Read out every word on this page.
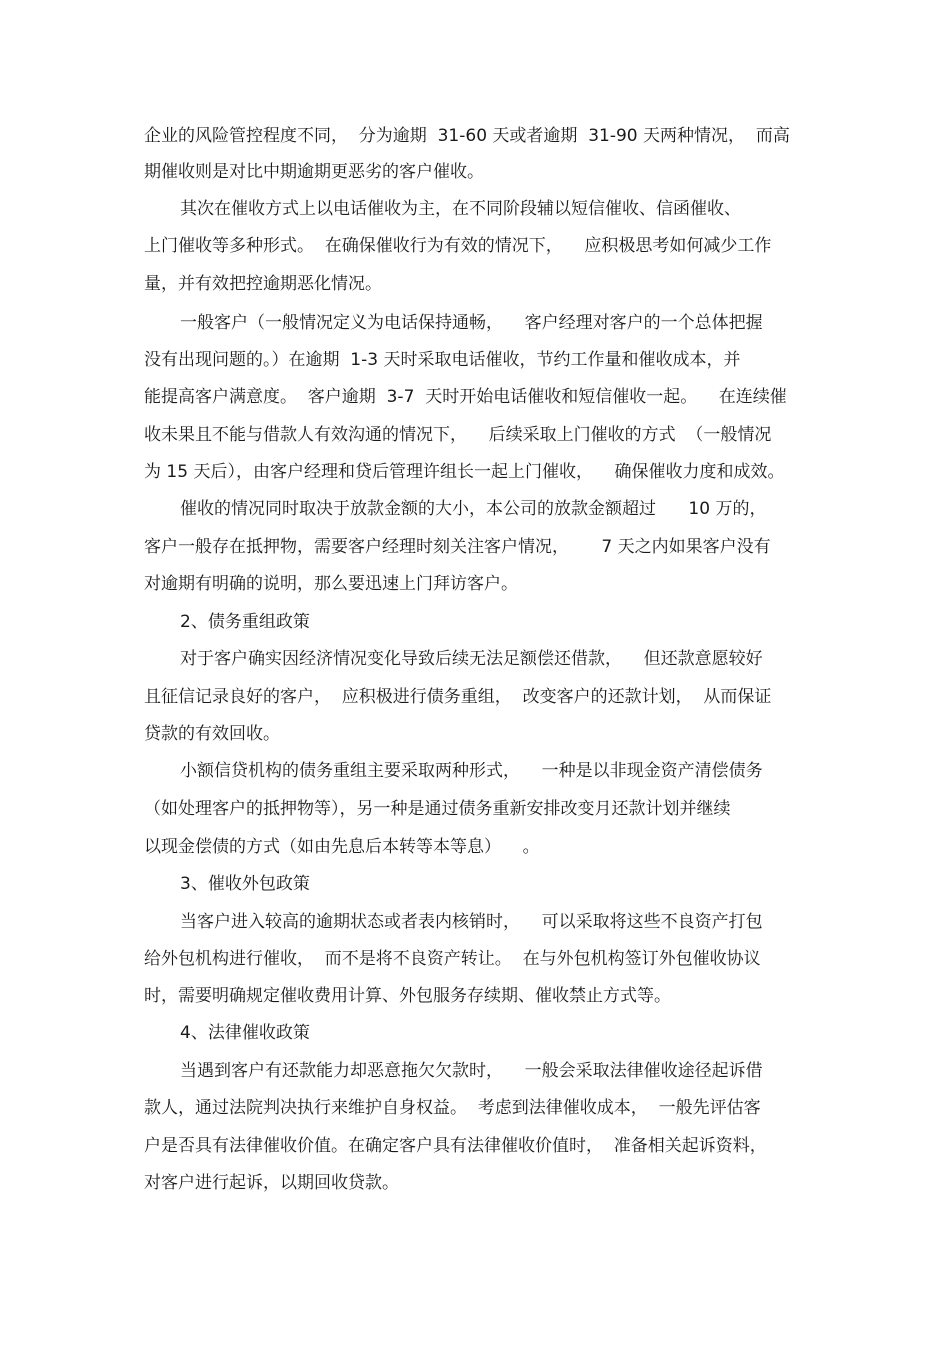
企业的风险管控程度不同，  分为逾期  31-60 天或者逾期  31-90 天两种情况，  而高
期催收则是对比中期逾期更恶劣的客户催收。
其次在催收方式上以电话催收为主，在不同阶段辅以短信催收、信函催收、
上门催收等多种形式。  在确保催收行为有效的情况下，    应积极思考如何减少工作
量，并有效把控逾期恶化情况。
一般客户（一般情况定义为电话保持通畅，    客户经理对客户的一个总体把握
没有出现问题的。）在逾期  1-3 天时采取电话催收，节约工作量和催收成本，并
能提高客户满意度。  客户逾期  3-7  天时开始电话催收和短信催收一起。    在连续催
收未果且不能与借款人有效沟通的情况下，    后续采取上门催收的方式  （一般情况
为 15 天后），由客户经理和贷后管理许组长一起上门催收，    确保催收力度和成效。
催收的情况同时取决于放款金额的大小，本公司的放款金额超过      10 万的，
客户一般存在抵押物，需要客户经理时刻关注客户情况，      7 天之内如果客户没有
对逾期有明确的说明，那么要迅速上门拜访客户。
2、债务重组政策
对于客户确实因经济情况变化导致后续无法足额偿还借款，    但还款意愿较好
且征信记录良好的客户，  应积极进行债务重组，  改变客户的还款计划，  从而保证
贷款的有效回收。
小额信贷机构的债务重组主要采取两种形式，    一种是以非现金资产清偿债务
（如处理客户的抵押物等），另一种是通过债务重新安排改变月还款计划并继续
以现金偿债的方式（如由先息后本转等本等息）    。
3、催收外包政策
当客户进入较高的逾期状态或者表内核销时，    可以采取将这些不良资产打包
给外包机构进行催收，  而不是将不良资产转让。  在与外包机构签订外包催收协议
时，需要明确规定催收费用计算、外包服务存续期、催收禁止方式等。
4、法律催收政策
当遇到客户有还款能力却恶意拖欠欠款时，    一般会采取法律催收途径起诉借
款人，通过法院判决执行来维护自身权益。  考虑到法律催收成本，  一般先评估客
户是否具有法律催收价值。在确定客户具有法律催收价值时，  准备相关起诉资料，
对客户进行起诉，以期回收贷款。
